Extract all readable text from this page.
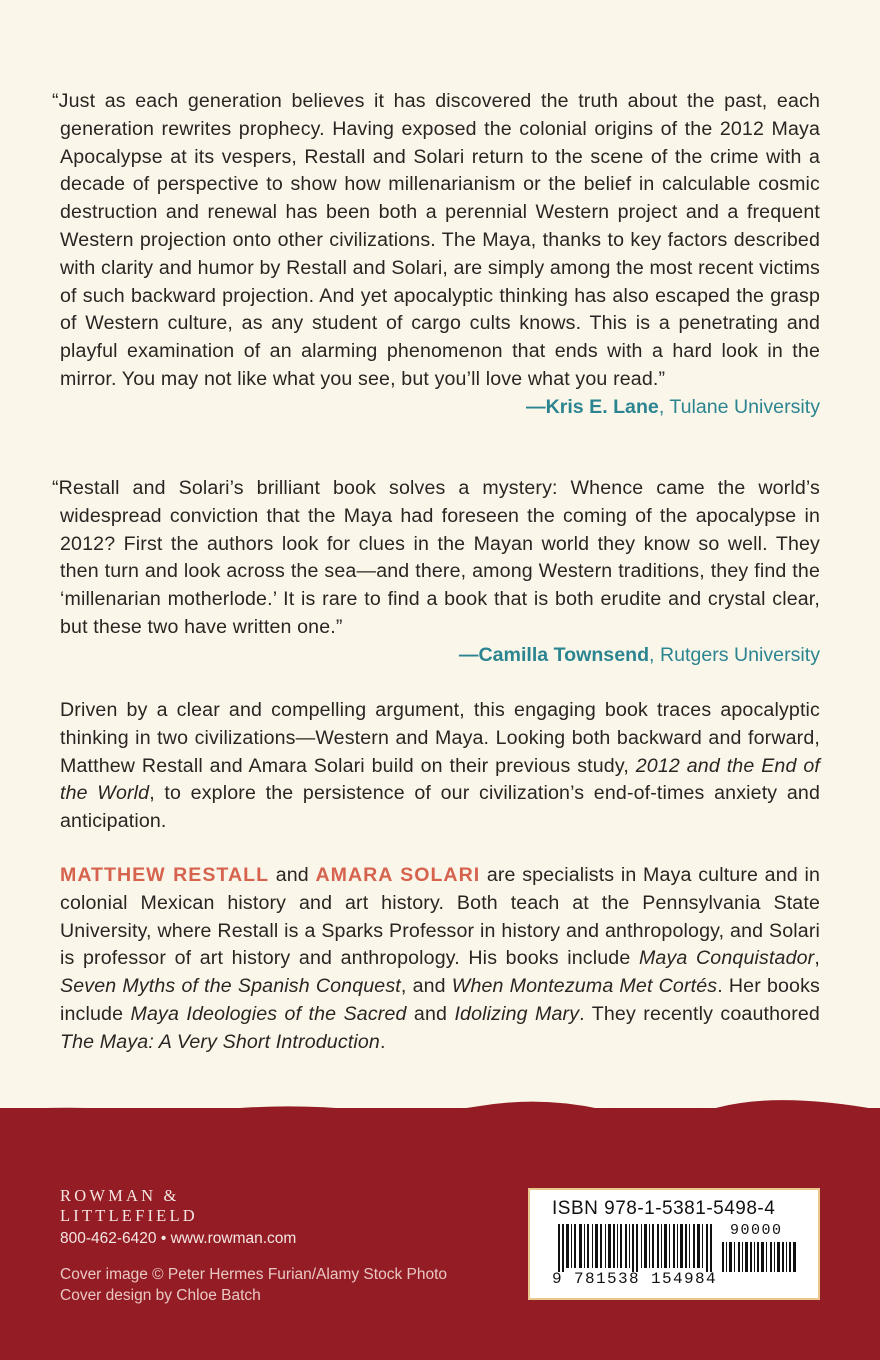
“Just as each generation believes it has discovered the truth about the past, each generation rewrites prophecy. Having exposed the colonial origins of the 2012 Maya Apocalypse at its vespers, Restall and Solari return to the scene of the crime with a decade of perspective to show how millenarianism or the belief in calculable cosmic destruction and renewal has been both a perennial Western project and a frequent Western projection onto other civilizations. The Maya, thanks to key factors described with clarity and humor by Restall and Solari, are simply among the most recent victims of such backward projection. And yet apocalyptic thinking has also escaped the grasp of Western culture, as any student of cargo cults knows. This is a penetrating and playful examination of an alarming phenomenon that ends with a hard look in the mirror. You may not like what you see, but you’ll love what you read.”

—Kris E. Lane, Tulane University

“Restall and Solari’s brilliant book solves a mystery: Whence came the world’s widespread conviction that the Maya had foreseen the coming of the apocalypse in 2012? First the authors look for clues in the Mayan world they know so well. They then turn and look across the sea—and there, among Western traditions, they find the ‘millenarian motherlode.’ It is rare to find a book that is both erudite and crystal clear, but these two have written one.”

—Camilla Townsend, Rutgers University

Driven by a clear and compelling argument, this engaging book traces apocalyptic thinking in two civilizations—Western and Maya. Looking both backward and forward, Matthew Restall and Amara Solari build on their previous study, 2012 and the End of the World, to explore the persistence of our civilization’s end-of-times anxiety and anticipation.

MATTHEW RESTALL and AMARA SOLARI are specialists in Maya culture and in colonial Mexican history and art history. Both teach at the Pennsylvania State University, where Restall is a Sparks Professor in history and anthropology, and Solari is professor of art history and anthropology. His books include Maya Conquistador, Seven Myths of the Spanish Conquest, and When Montezuma Met Cortés. Her books include Maya Ideologies of the Sacred and Idolizing Mary. They recently coauthored The Maya: A Very Short Introduction.

ROWMAN &
LITTLEFIELD
800-462-6420 • www.rowman.com
Cover image © Peter Hermes Furian/Alamy Stock Photo
Cover design by Chloe Batch
ISBN 978-1-5381-5498-4
90000
9 781538 154984
